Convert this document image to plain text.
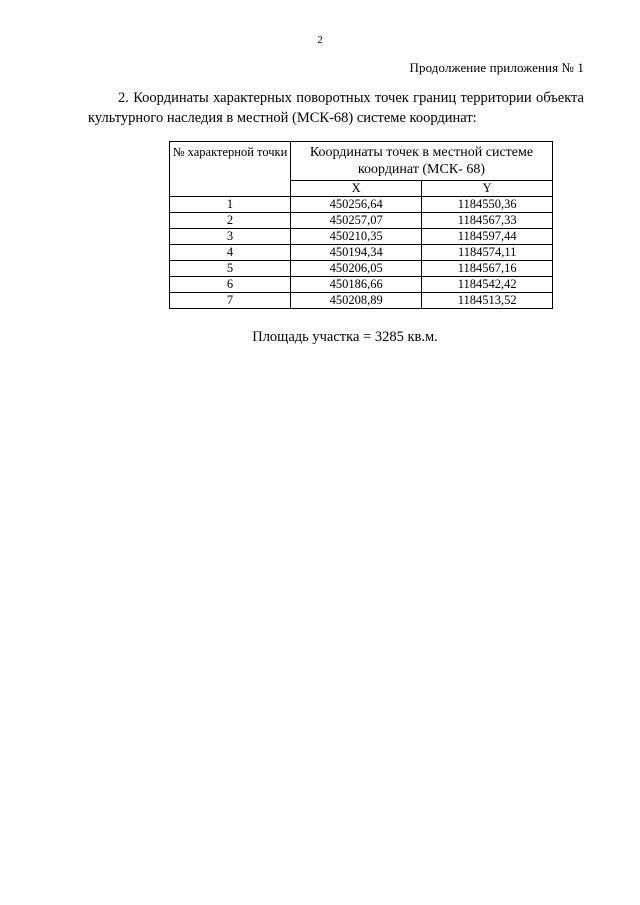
2
Продолжение приложения № 1
2. Координаты характерных поворотных точек границ территории объекта культурного наследия в местной (МСК-68) системе координат:
№ характерной точки	Координаты точек в местной системе координат (МСК- 68)	
	X	Y
1	450256,64	1184550,36
2	450257,07	1184567,33
3	450210,35	1184597,44
4	450194,34	1184574,11
5	450206,05	1184567,16
6	450186,66	1184542,42
7	450208,89	1184513,52
Площадь участка = 3285 кв.м.
